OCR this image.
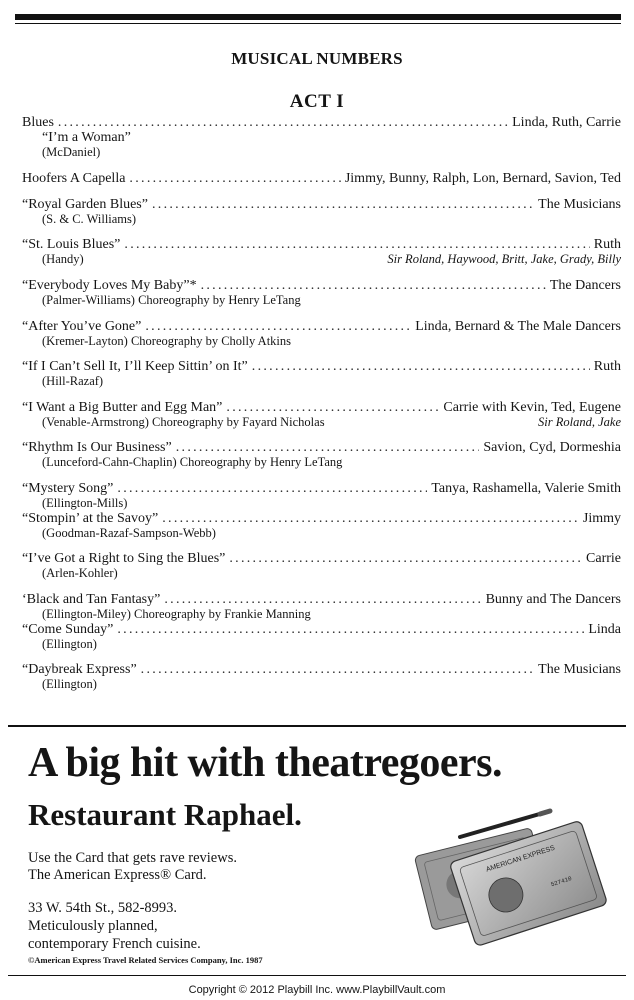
MUSICAL NUMBERS
ACT I
Blues .....	Linda, Ruth, Carrie
“I’m a Woman”
(McDaniel)
Hoofers A Capella .....	Jimmy, Bunny, Ralph, Lon, Bernard, Savion, Ted
“Royal Garden Blues” .....	The Musicians
(S. & C. Williams)
“St. Louis Blues” .....	Ruth
(Handy)	Sir Roland, Haywood, Britt, Jake, Grady, Billy
“Everybody Loves My Baby”* .....	The Dancers
(Palmer-Williams) Choreography by Henry LeTang
“After You’ve Gone” .....	Linda, Bernard & The Male Dancers
(Kremer-Layton) Choreography by Cholly Atkins
“If I Can’t Sell It, I’ll Keep Sittin’ on It” .....	Ruth
(Hill-Razaf)
“I Want a Big Butter and Egg Man” .....	Carrie with Kevin, Ted, Eugene
(Venable-Armstrong) Choreography by Fayard Nicholas	Sir Roland, Jake
“Rhythm Is Our Business” .....	Savion, Cyd, Dormeshia
(Lunceford-Cahn-Chaplin) Choreography by Henry LeTang
“Mystery Song” .....	Tanya, Rashamella, Valerie Smith
(Ellington-Mills)
“Stompin’ at the Savoy” .....	Jimmy
(Goodman-Razaf-Sampson-Webb)
“I’ve Got a Right to Sing the Blues” .....	Carrie
(Arlen-Kohler)
‘Black and Tan Fantasy” .....	Bunny and The Dancers
(Ellington-Miley) Choreography by Frankie Manning
“Come Sunday” .....	Linda
(Ellington)
“Daybreak Express” .....	The Musicians
(Ellington)
A big hit with theatregoers.
Restaurant Raphael.
Use the Card that gets rave reviews.
The American Express® Card.
33 W. 54th St., 582-8993.
Meticulously planned,
contemporary French cuisine.
©American Express Travel Related Services Company, Inc. 1987
AMERICAN EXPRESS
527410
Copyright © 2012 Playbill Inc. www.PlaybillVault.com
